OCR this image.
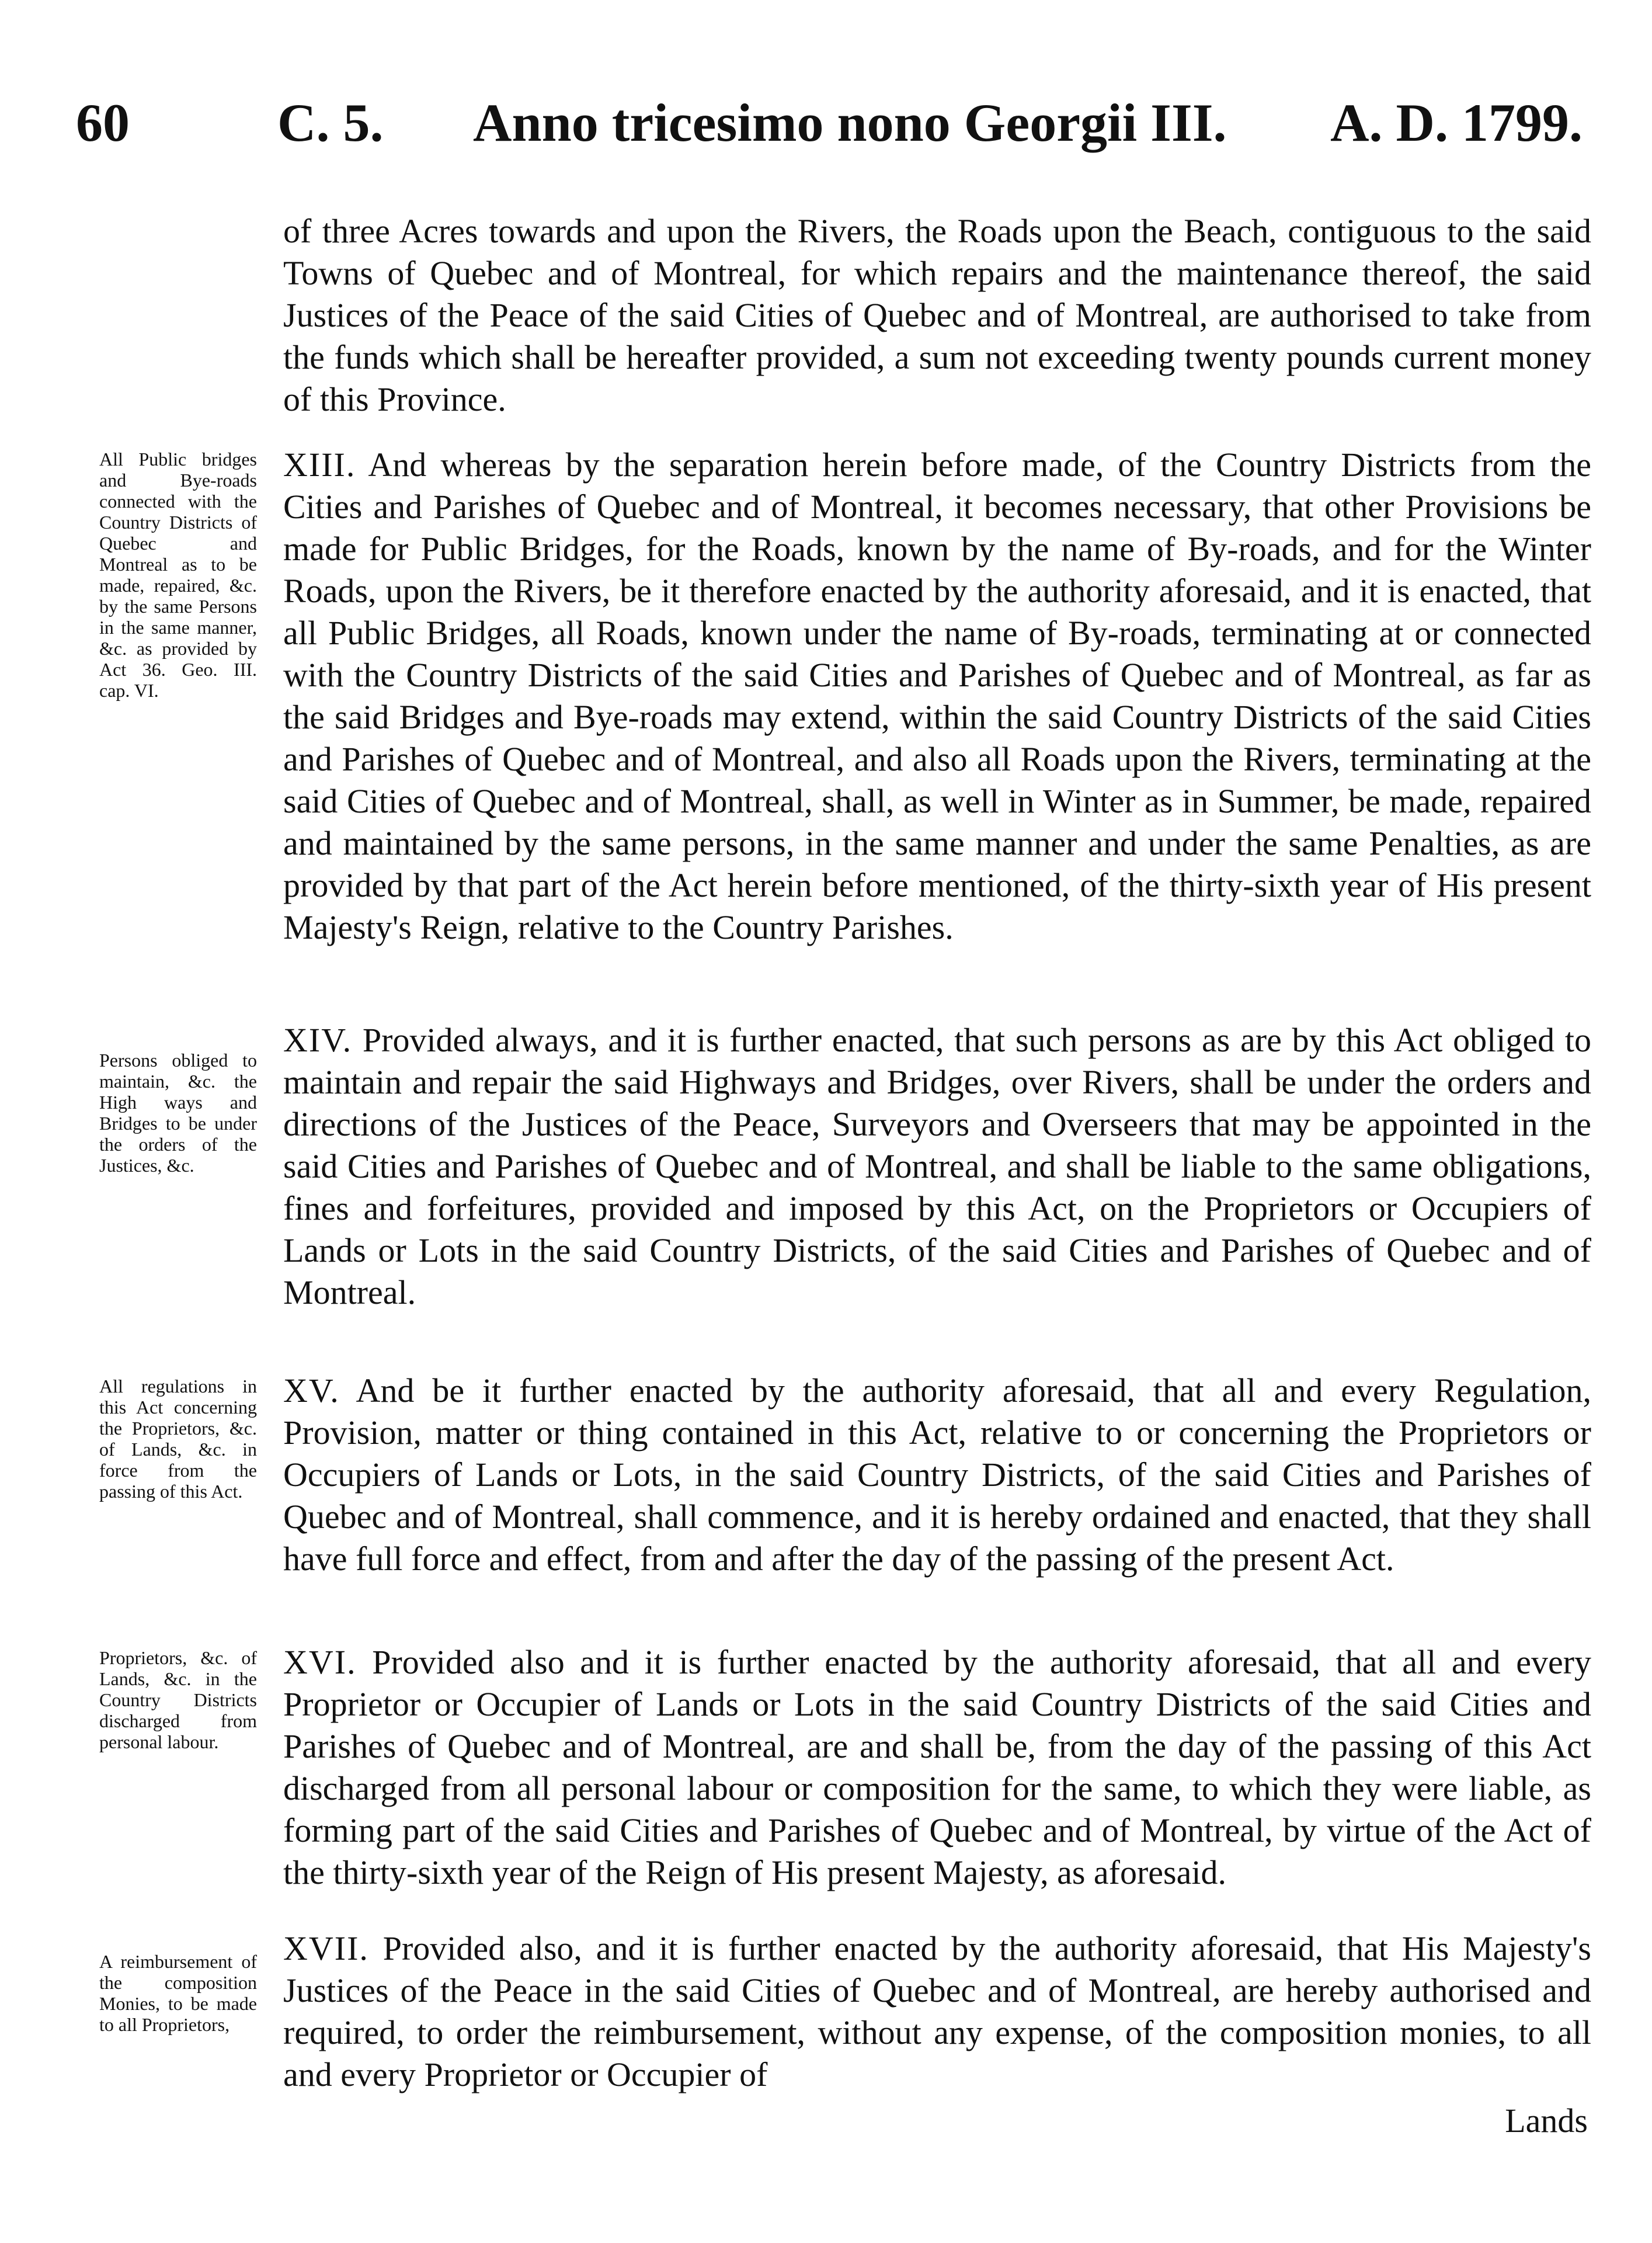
60	C. 5. Anno tricesimo nono Georgii III. A. D. 1799.

of three Acres towards and upon the Rivers, the Roads upon the Beach, contiguous to the said Towns of Quebec and of Montreal, for which repairs and the maintenance thereof, the said Justices of the Peace of the said Cities of Quebec and of Montreal, are authorised to take from the funds which shall be hereafter provided, a sum not exceeding twenty pounds current money of this Province.

All Public bridges and Bye-roads connected with the Country Districts of Quebec and Montreal as to be made, repaired, &c. by the same Persons in the same manner, &c. as provided by Act 36. Geo. III. cap. VI.

XIII. And whereas by the separation herein before made, of the Country Districts from the Cities and Parishes of Quebec and of Montreal, it becomes necessary, that other Provisions be made for Public Bridges, for the Roads, known by the name of By-roads, and for the Winter Roads, upon the Rivers, be it therefore enacted by the authority aforesaid, and it is enacted, that all Public Bridges, all Roads, known under the name of By-roads, terminating at or connected with the Country Districts of the said Cities and Parishes of Quebec and of Montreal, as far as the said Bridges and Bye-roads may extend, within the said Country Districts of the said Cities and Parishes of Quebec and of Montreal, and also all Roads upon the Rivers, terminating at the said Cities of Quebec and of Montreal, shall, as well in Winter as in Summer, be made, repaired and maintained by the same persons, in the same manner and under the same Penalties, as are provided by that part of the Act herein before mentioned, of the thirty-sixth year of His present Majesty's Reign, relative to the Country Parishes.

Persons obliged to maintain, &c. the High ways and Bridges to be under the orders of the Justices, &c.

XIV. Provided always, and it is further enacted, that such persons as are by this Act obliged to maintain and repair the said Highways and Bridges, over Rivers, shall be under the orders and directions of the Justices of the Peace, Surveyors and Overseers that may be appointed in the said Cities and Parishes of Quebec and of Montreal, and shall be liable to the same obligations, fines and forfeitures, provided and imposed by this Act, on the Proprietors or Occupiers of Lands or Lots in the said Country Districts, of the said Cities and Parishes of Quebec and of Montreal.

All regulations in this Act concerning the Proprietors, &c. of Lands, &c. in force from the passing of this Act.

XV. And be it further enacted by the authority aforesaid, that all and every Regulation, Provision, matter or thing contained in this Act, relative to or concerning the Proprietors or Occupiers of Lands or Lots, in the said Country Districts, of the said Cities and Parishes of Quebec and of Montreal, shall commence, and it is hereby ordained and enacted, that they shall have full force and effect, from and after the day of the passing of the present Act.

Proprietors, &c. of Lands, &c. in the Country Districts discharged from personal labour.

XVI. Provided also and it is further enacted by the authority aforesaid, that all and every Proprietor or Occupier of Lands or Lots in the said Country Districts of the said Cities and Parishes of Quebec and of Montreal, are and shall be, from the day of the passing of this Act discharged from all personal labour or composition for the same, to which they were liable, as forming part of the said Cities and Parishes of Quebec and of Montreal, by virtue of the Act of the thirty-sixth year of the Reign of His present Majesty, as aforesaid.

A reimbursement of the composition Monies, to be made to all Proprietors,

XVII. Provided also, and it is further enacted by the authority aforesaid, that His Majesty's Justices of the Peace in the said Cities of Quebec and of Montreal, are hereby authorised and required, to order the reimbursement, without any expense, of the composition monies, to all and every Proprietor or Occupier of

Lands
